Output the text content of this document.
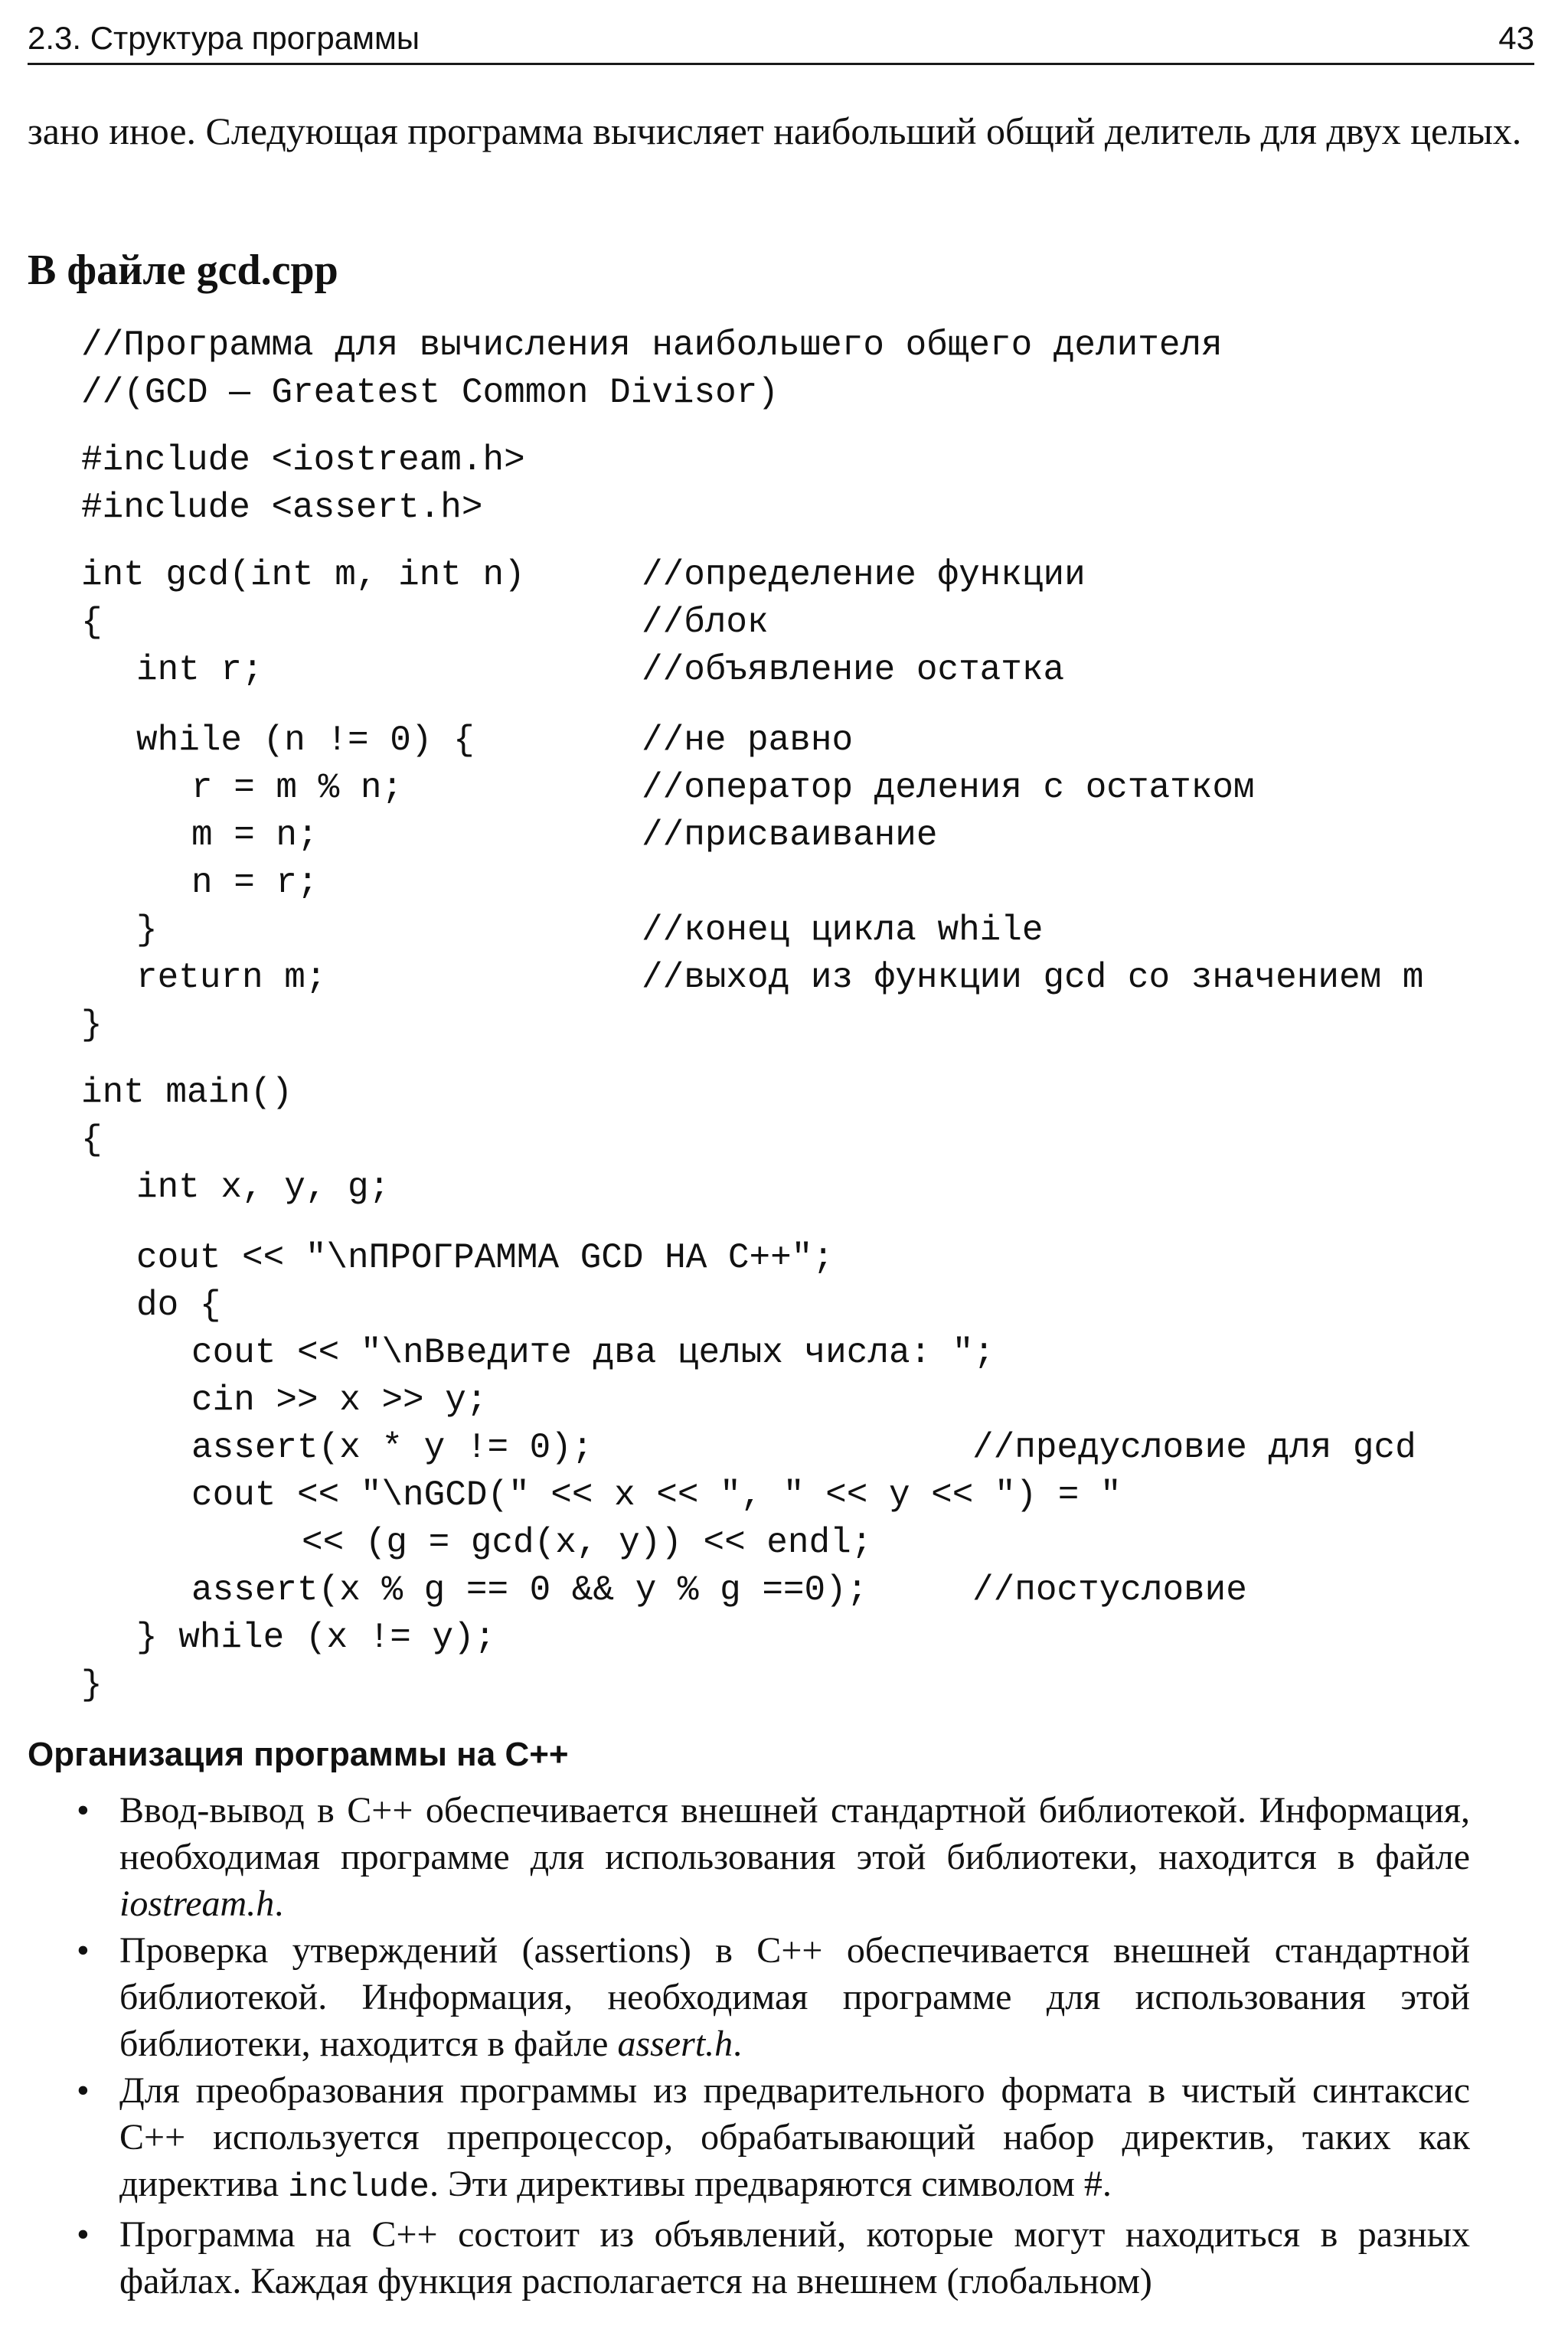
2.3. Структура программы	43

зано иное. Следующая программа вычисляет наибольший общий делитель для двух целых.

В файле gcd.cpp
//Программа для вычисления наибольшего общего делителя
//(GCD — Greatest Common Divisor)
#include <iostream.h>
#include <assert.h>
int gcd(int m, int n)	//определение функции
{	//блок
int r;	//объявление остатка
while (n != 0) {	//не равно
r = m % n;	//оператор деления с остатком
m = n;	//присваивание
n = r;
}	//конец цикла while
return m;	//выход из функции gcd со значением m
}
int main()
{
int x, y, g;
cout << "\nПРОГРАММА GCD НА C++";
do {
cout << "\nВведите два целых числа: ";
cin >> x >> y;
assert(x * y != 0);	//предусловие для gcd
cout << "\nGCD(" << x << ", " << y << ") = "
<< (g = gcd(x, y)) << endl;
assert(x % g == 0 && y % g ==0);	//постусловие
} while (x != y);
}
Организация программы на C++
• Ввод-вывод в C++ обеспечивается внешней стандартной библиотекой. Информация, необходимая программе для использования этой библиотеки, находится в файле iostream.h.
• Проверка утверждений (assertions) в C++ обеспечивается внешней стандартной библиотекой. Информация, необходимая программе для использования этой библиотеки, находится в файле assert.h.
• Для преобразования программы из предварительного формата в чистый синтаксис C++ используется препроцессор, обрабатывающий набор директив, таких как директива include. Эти директивы предваряются символом #.
• Программа на C++ состоит из объявлений, которые могут находиться в разных файлах. Каждая функция располагается на внешнем (глобальном)
